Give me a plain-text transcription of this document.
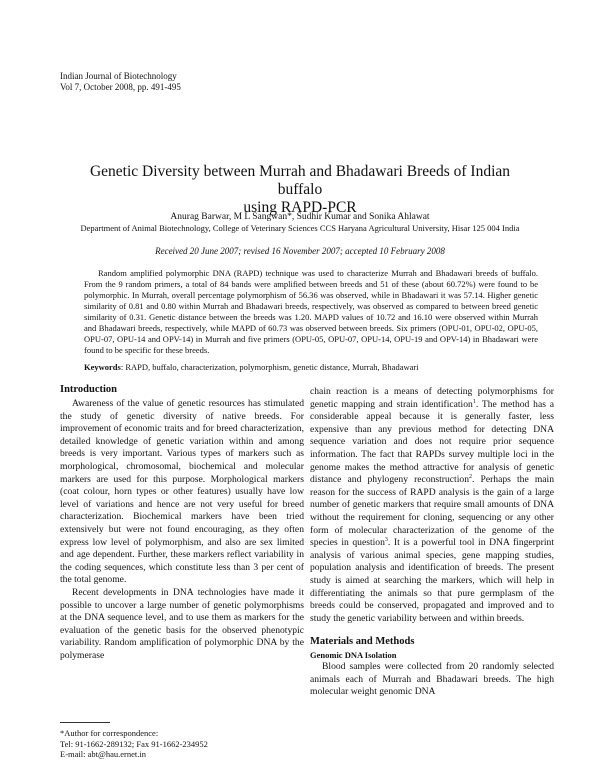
Indian Journal of Biotechnology
Vol 7, October 2008, pp. 491-495
Genetic Diversity between Murrah and Bhadawari Breeds of Indian buffalo
using RAPD-PCR
Anurag Barwar, M L Sangwan*, Sudhir Kumar and Sonika Ahlawat
Department of Animal Biotechnology, College of Veterinary Sciences CCS Haryana Agricultural University, Hisar 125 004 India
Received 20 June 2007; revised 16 November 2007; accepted 10 February 2008

Random amplified polymorphic DNA (RAPD) technique was used to characterize Murrah and Bhadawari breeds of buffalo. From the 9 random primers, a total of 84 bands were amplified between breeds and 51 of these (about 60.72%) were found to be polymorphic. In Murrah, overall percentage polymorphism of 56.36 was observed, while in Bhadawari it was 57.14. Higher genetic similarity of 0.81 and 0.80 within Murrah and Bhadawari breeds, respectively, was observed as compared to between breed genetic similarity of 0.31. Genetic distance between the breeds was 1.20. MAPD values of 10.72 and 16.10 were observed within Murrah and Bhadawari breeds, respectively, while MAPD of 60.73 was observed between breeds. Six primers (OPU-01, OPU-02, OPU-05, OPU-07, OPU-14 and OPV-14) in Murrah and five primers (OPU-05, OPU-07, OPU-14, OPU-19 and OPV-14) in Bhadawari were found to be specific for these breeds.

Keywords: RAPD, buffalo, characterization, polymorphism, genetic distance, Murrah, Bhadawari

Introduction

Awareness of the value of genetic resources has stimulated the study of genetic diversity of native breeds. For improvement of economic traits and for breed characterization, detailed knowledge of genetic variation within and among breeds is very important. Various types of markers such as morphological, chromosomal, biochemical and molecular markers are used for this purpose. Morphological markers (coat colour, horn types or other features) usually have low level of variations and hence are not very useful for breed characterization. Biochemical markers have been tried extensively but were not found encouraging, as they often express low level of polymorphism, and also are sex limited and age dependent. Further, these markers reflect variability in the coding sequences, which constitute less than 3 per cent of the total genome.

Recent developments in DNA technologies have made it possible to uncover a large number of genetic polymorphisms at the DNA sequence level, and to use them as markers for the evaluation of the genetic basis for the observed phenotypic variability. Random amplification of polymorphic DNA by the polymerase

chain reaction is a means of detecting polymorphisms for genetic mapping and strain identification$^1$. The method has a considerable appeal because it is generally faster, less expensive than any previous method for detecting DNA sequence variation and does not require prior sequence information. The fact that RAPDs survey multiple loci in the genome makes the method attractive for analysis of genetic distance and phylogeny reconstruction$^2$. Perhaps the main reason for the success of RAPD analysis is the gain of a large number of genetic markers that require small amounts of DNA without the requirement for cloning, sequencing or any other form of molecular characterization of the genome of the species in question$^3$. It is a powerful tool in DNA fingerprint analysis of various animal species, gene mapping studies, population analysis and identification of breeds. The present study is aimed at searching the markers, which will help in differentiating the animals so that pure germplasm of the breeds could be conserved, propagated and improved and to study the genetic variability between and within breeds.

Materials and Methods
Genomic DNA Isolation

Blood samples were collected from 20 randomly selected animals each of Murrah and Bhadawari breeds. The high molecular weight genomic DNA

*Author for correspondence:
Tel: 91-1662-289132; Fax 91-1662-234952
E-mail: abt@hau.ernet.in
